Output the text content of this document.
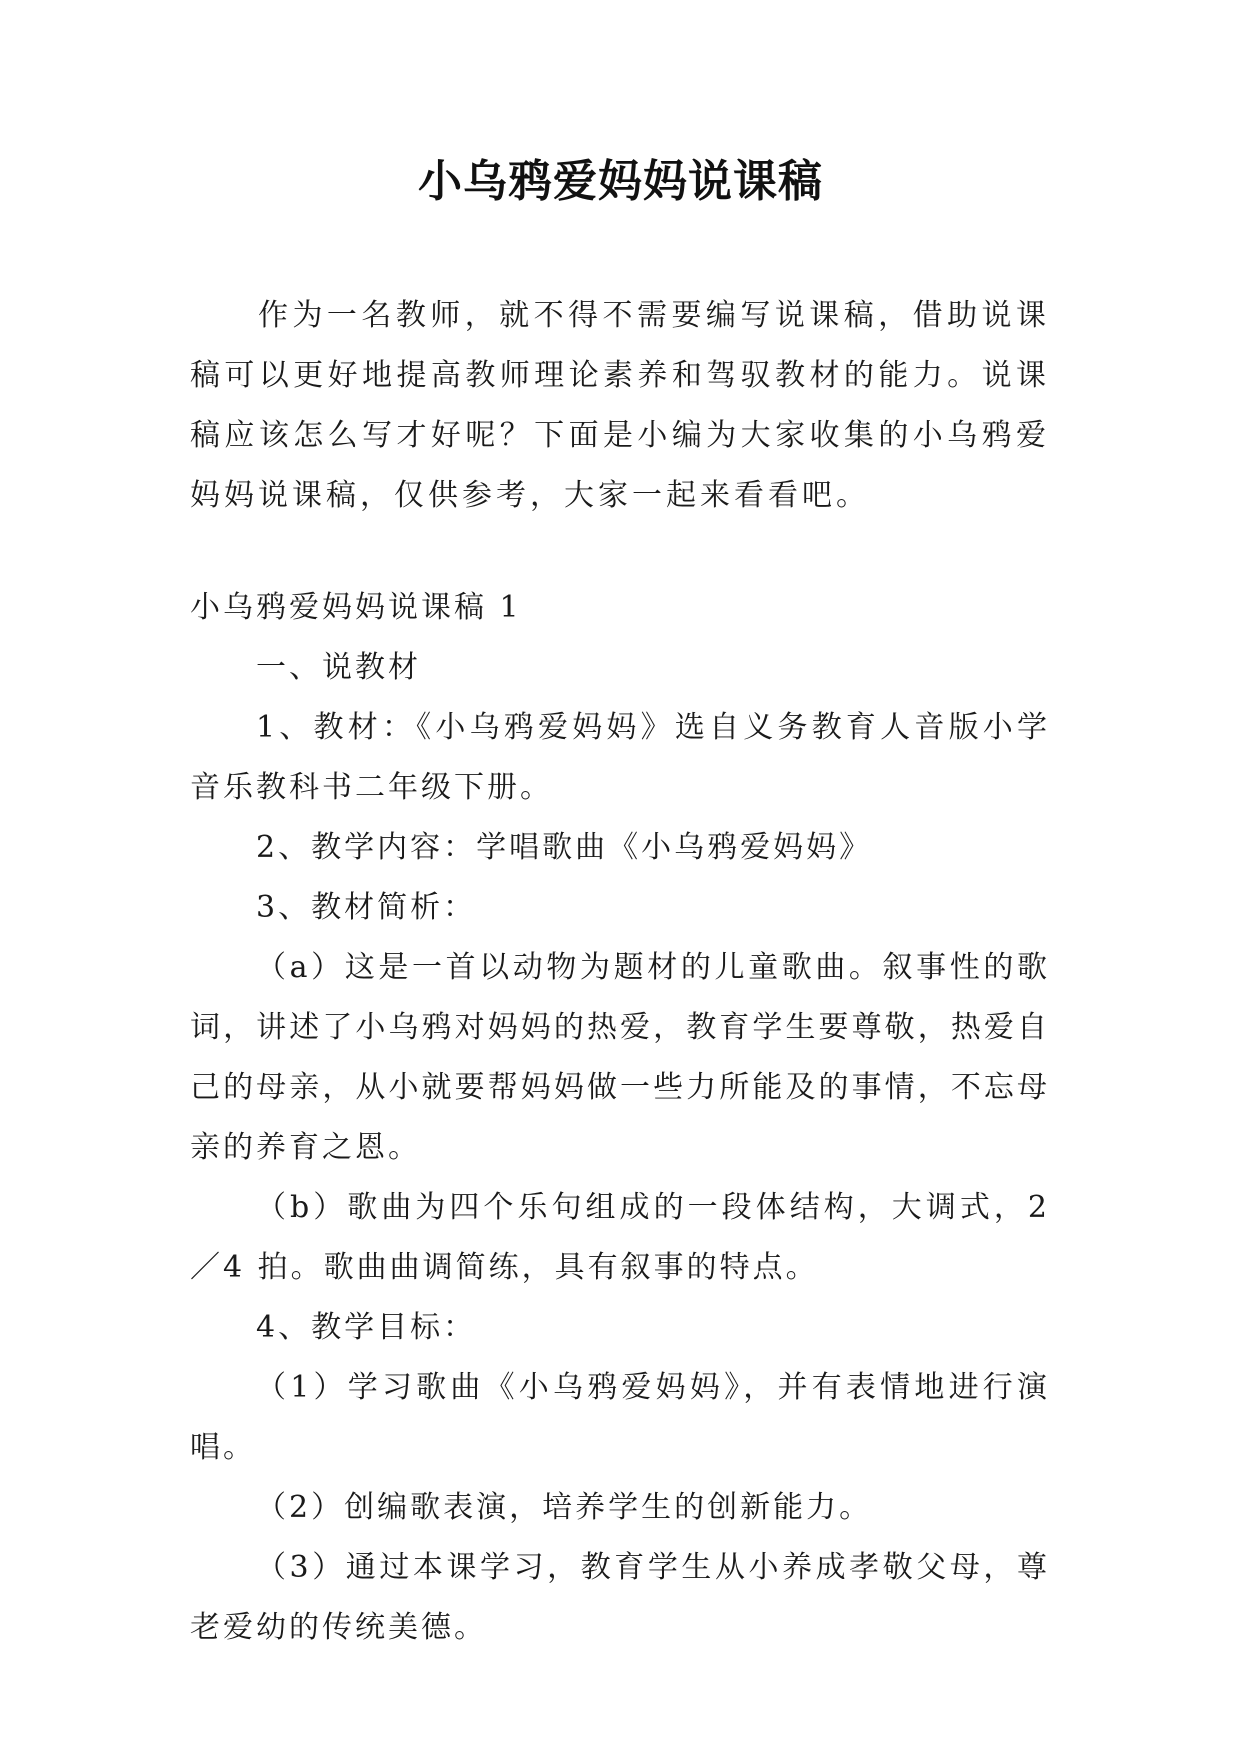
小乌鸦爱妈妈说课稿
作为一名教师，就不得不需要编写说课稿，借助说课稿可以更好地提高教师理论素养和驾驭教材的能力。说课稿应该怎么写才好呢？下面是小编为大家收集的小乌鸦爱妈妈说课稿，仅供参考，大家一起来看看吧。

小乌鸦爱妈妈说课稿 1

一、说教材

1、教材：《小乌鸦爱妈妈》选自义务教育人音版小学音乐教科书二年级下册。

2、教学内容：学唱歌曲《小乌鸦爱妈妈》

3、教材简析：

（a）这是一首以动物为题材的儿童歌曲。叙事性的歌词，讲述了小乌鸦对妈妈的热爱，教育学生要尊敬，热爱自己的母亲，从小就要帮妈妈做一些力所能及的事情，不忘母亲的养育之恩。

（b）歌曲为四个乐句组成的一段体结构，大调式，2／4 拍。歌曲曲调简练，具有叙事的特点。

4、教学目标：

（1）学习歌曲《小乌鸦爱妈妈》，并有表情地进行演唱。

（2）创编歌表演，培养学生的创新能力。

（3）通过本课学习，教育学生从小养成孝敬父母，尊老爱幼的传统美德。
